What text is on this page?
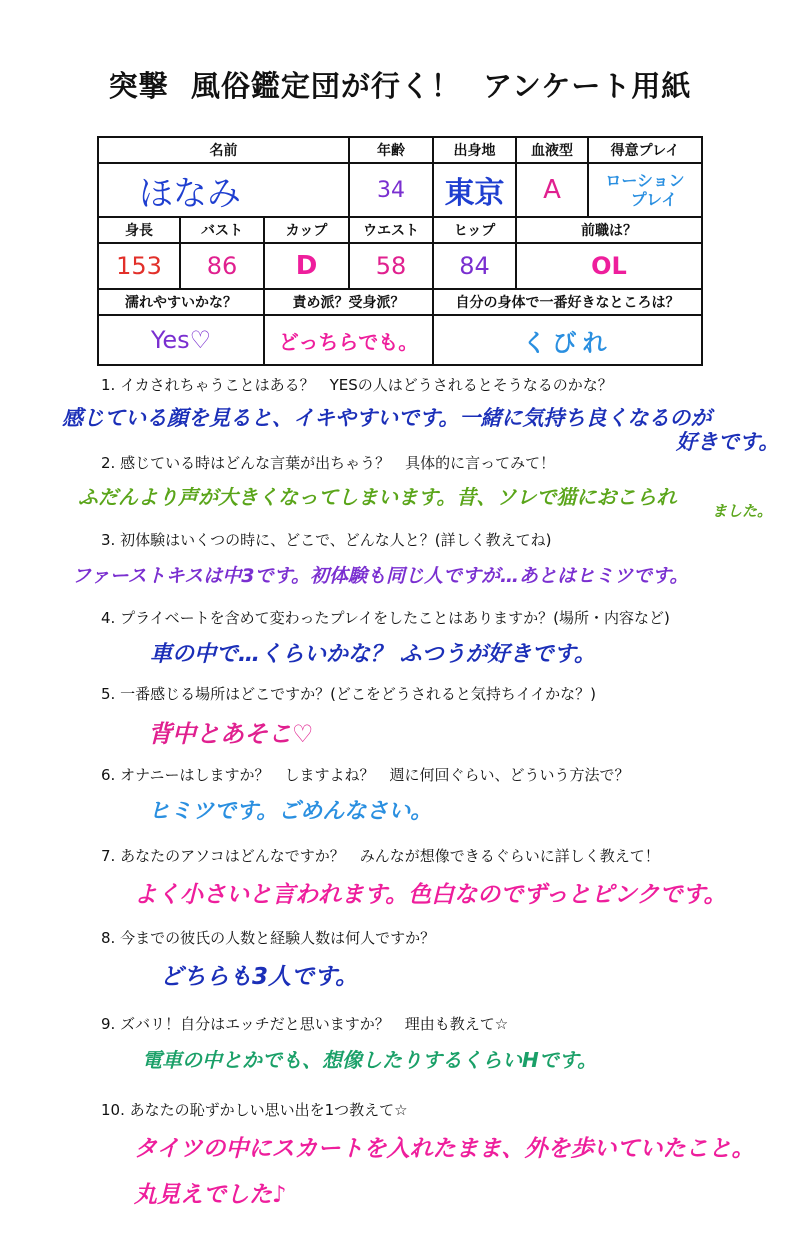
突撃 風俗鑑定団が行く！ アンケート用紙
名前			年齢	出身地	血液型	得意プレイ
ほなみ			34	東京	A	ローション
プレイ

身長	バスト	カップ	ウエスト	ヒップ	前職は？	
153	86	D	58	84	OL	
濡れやすいかな？		責め派？受身派？		自分の身体で一番好きなところは？		
Yes♡		どっちらでも。		くびれ		
1. イカされちゃうことはある？　YESの人はどうされるとそうなるのかな？
感じている顔を見ると、イキやすいです。一緒に気持ち良くなるのが
好きです。
2. 感じている時はどんな言葉が出ちゃう？　具体的に言ってみて！
ふだんより声が大きくなってしまいます。昔、ソレで猫におこられ
ました。
3. 初体験はいくつの時に、どこで、どんな人と？(詳しく教えてね)
ファーストキスは中3です。初体験も同じ人ですが…あとはヒミツです。
4. プライベートを含めて変わったプレイをしたことはありますか？(場所・内容など)
車の中で…くらいかな？ ふつうが好きです。
5. 一番感じる場所はどこですか？(どこをどうされると気持ちイイかな？)
背中とあそこ♡
6. オナニーはしますか？　しますよね？　週に何回ぐらい、どういう方法で？
ヒミツです。ごめんなさい。
7. あなたのアソコはどんなですか？　みんなが想像できるぐらいに詳しく教えて！
よく小さいと言われます。色白なのでずっとピンクです。
8. 今までの彼氏の人数と経験人数は何人ですか？
どちらも3人です。
9. ズバリ！自分はエッチだと思いますか？　理由も教えて☆
電車の中とかでも、想像したりするくらいHです。
10. あなたの恥ずかしい思い出を1つ教えて☆
タイツの中にスカートを入れたまま、外を歩いていたこと。
丸見えでした♪
